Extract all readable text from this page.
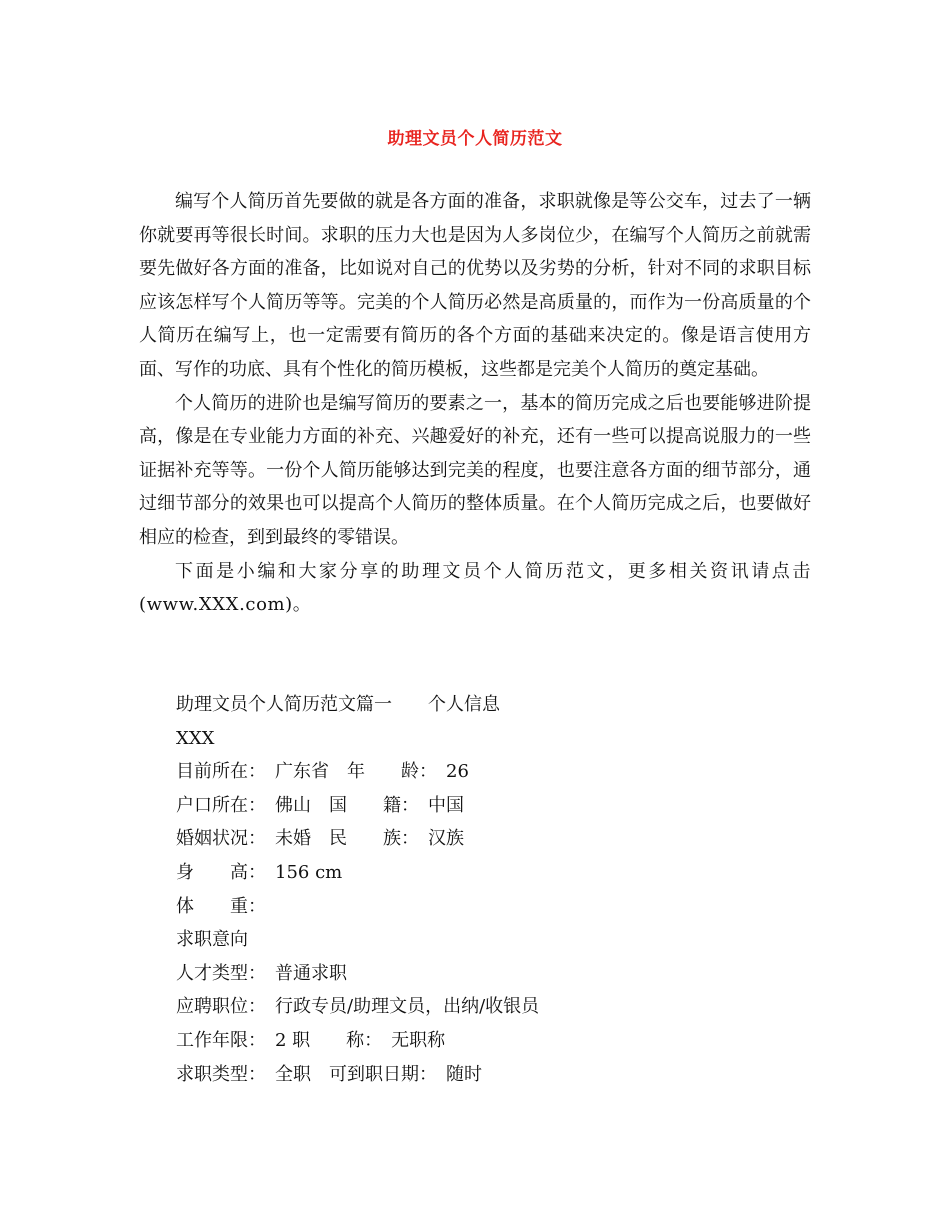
助理文员个人简历范文

编写个人简历首先要做的就是各方面的准备，求职就像是等公交车，过去了一辆你就要再等很长时间。求职的压力大也是因为人多岗位少，在编写个人简历之前就需要先做好各方面的准备，比如说对自己的优势以及劣势的分析，针对不同的求职目标应该怎样写个人简历等等。完美的个人简历必然是高质量的，而作为一份高质量的个人简历在编写上，也一定需要有简历的各个方面的基础来决定的。像是语言使用方面、写作的功底、具有个性化的简历模板，这些都是完美个人简历的奠定基础。

个人简历的进阶也是编写简历的要素之一，基本的简历完成之后也要能够进阶提高，像是在专业能力方面的补充、兴趣爱好的补充，还有一些可以提高说服力的一些证据补充等等。一份个人简历能够达到完美的程度，也要注意各方面的细节部分，通过细节部分的效果也可以提高个人简历的整体质量。在个人简历完成之后，也要做好相应的检查，到到最终的零错误。

下面是小编和大家分享的助理文员个人简历范文，更多相关资讯请点击(www.XXX.com)。

助理文员个人简历范文篇一　　个人信息
XXX
目前所在：　广东省　年　　龄：　26
户口所在：　佛山　国　　籍：　中国
婚姻状况：　未婚　民　　族：　汉族
身　　高：　156 cm
体　　重：
求职意向
人才类型：　普通求职
应聘职位：　行政专员/助理文员，出纳/收银员
工作年限：　2 职　　称：　无职称
求职类型：　全职　可到职日期：　随时
